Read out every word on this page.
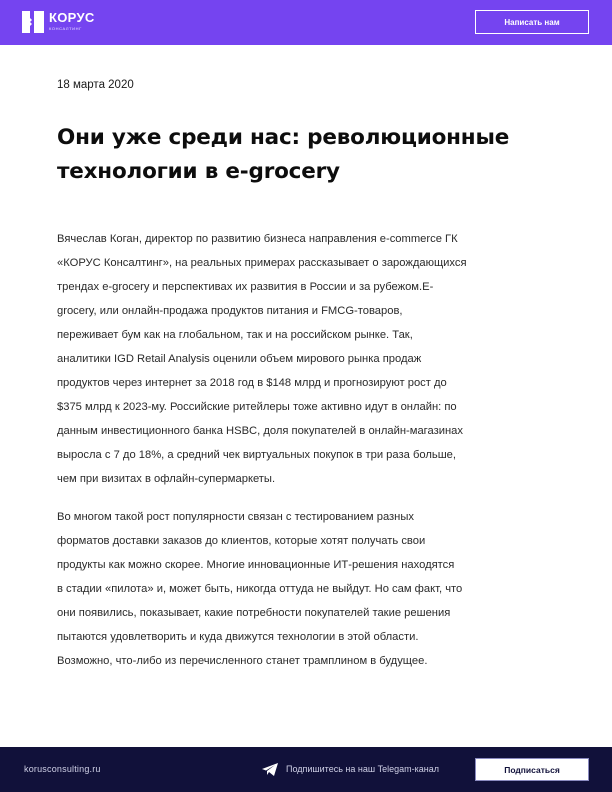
КОРУС
КОНСАЛТИНГ
Написать нам
18 марта 2020
Они уже среди нас: революционные
технологии в e-grocery
Вячеслав Коган, директор по развитию бизнеса направления e-commerce ГК
«КОРУС Консалтинг», на реальных примерах рассказывает о зарождающихся
трендах e-grocery и перспективах их развития в России и за рубежом.E-
grocery, или онлайн-продажа продуктов питания и FMCG-товаров,
переживает бум как на глобальном, так и на российском рынке. Так,
аналитики IGD Retail Analysis оценили объем мирового рынка продаж
продуктов через интернет за 2018 год в $148 млрд и прогнозируют рост до
$375 млрд к 2023-му. Российские ритейлеры тоже активно идут в онлайн: по
данным инвестиционного банка HSBC, доля покупателей в онлайн-магазинах
выросла с 7 до 18%, а средний чек виртуальных покупок в три раза больше,
чем при визитах в офлайн-супермаркеты.
Во многом такой рост популярности связан с тестированием разных
форматов доставки заказов до клиентов, которые хотят получать свои
продукты как можно скорее. Многие инновационные ИТ-решения находятся
в стадии «пилота» и, может быть, никогда оттуда не выйдут. Но сам факт, что
они появились, показывает, какие потребности покупателей такие решения
пытаются удовлетворить и куда движутся технологии в этой области.
Возможно, что-либо из перечисленного станет трамплином в будущее.
korusconsulting.ru	Подпишитесь на наш Telegam-канал	Подписаться
